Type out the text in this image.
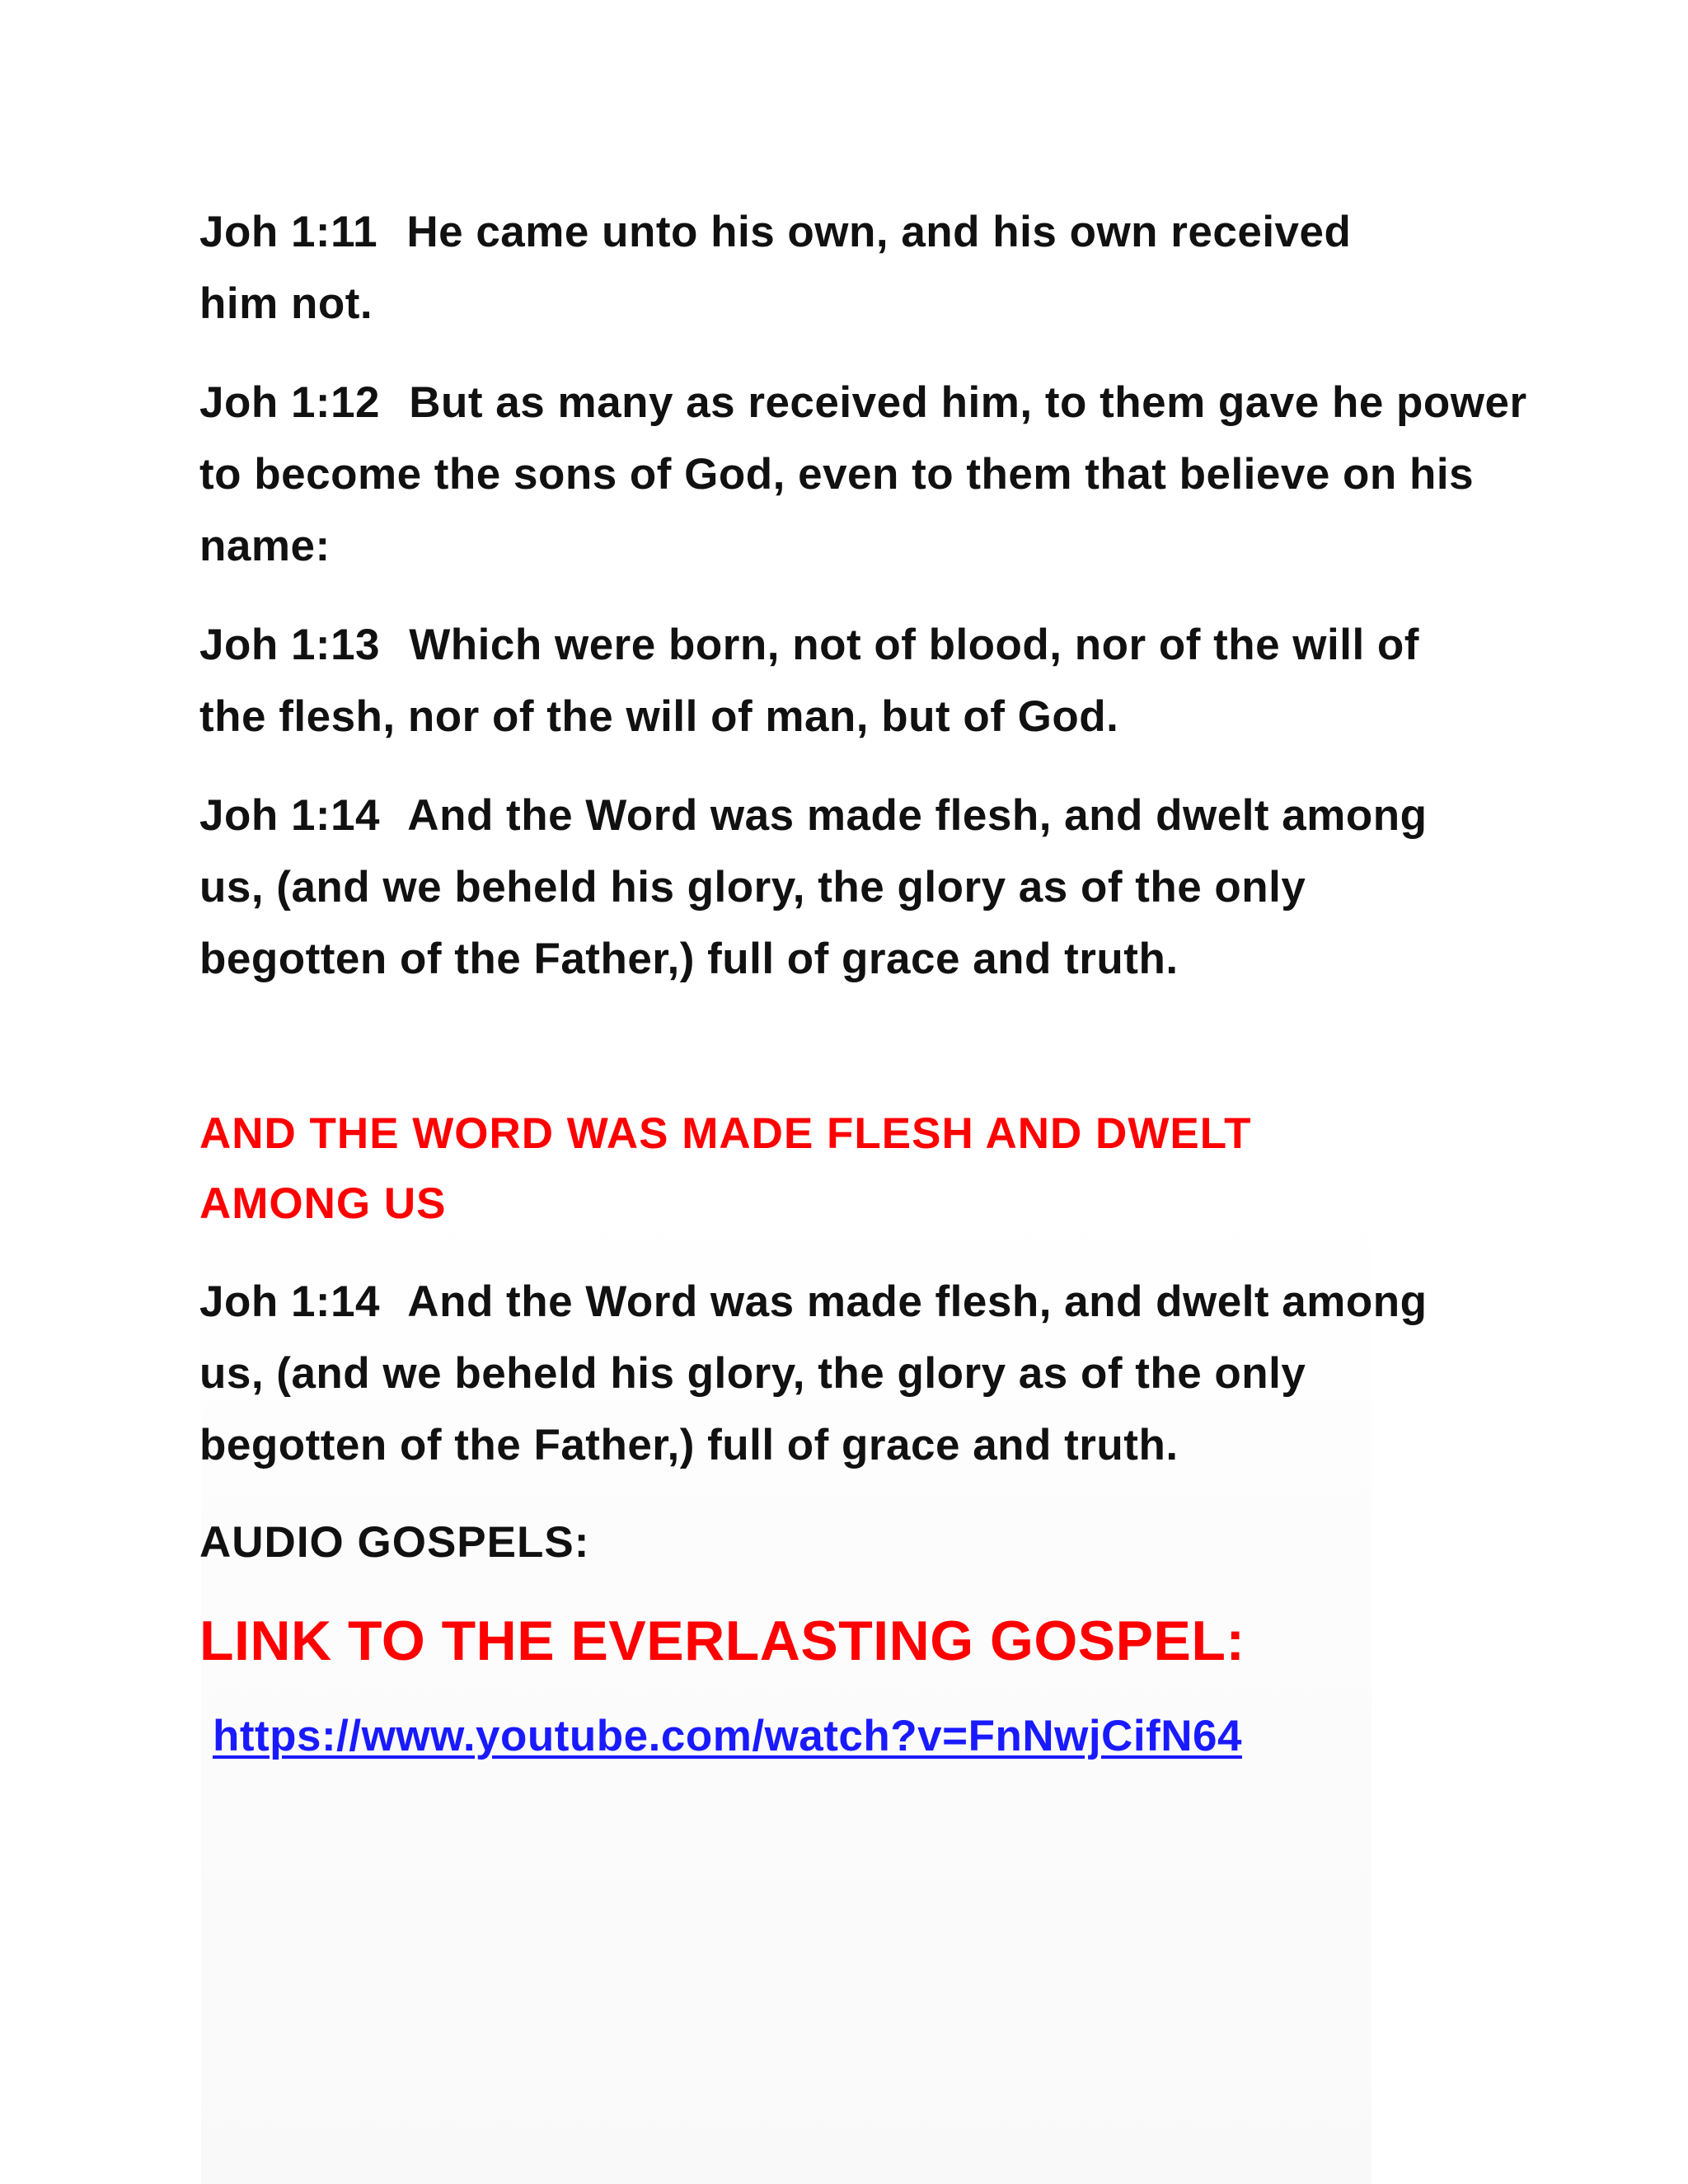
Joh 1:11 He came unto his own, and his own received him not.

Joh 1:12 But as many as received him, to them gave he power to become the sons of God, even to them that believe on his name:

Joh 1:13 Which were born, not of blood, nor of the will of the flesh, nor of the will of man, but of God.

Joh 1:14 And the Word was made flesh, and dwelt among us, (and we beheld his glory, the glory as of the only begotten of the Father,) full of grace and truth.

AND THE WORD WAS MADE FLESH AND DWELT AMONG US

Joh 1:14 And the Word was made flesh, and dwelt among us, (and we beheld his glory, the glory as of the only begotten of the Father,) full of grace and truth.

AUDIO GOSPELS:

LINK TO THE EVERLASTING GOSPEL:
https://www.youtube.com/watch?v=FnNwjCifN64
